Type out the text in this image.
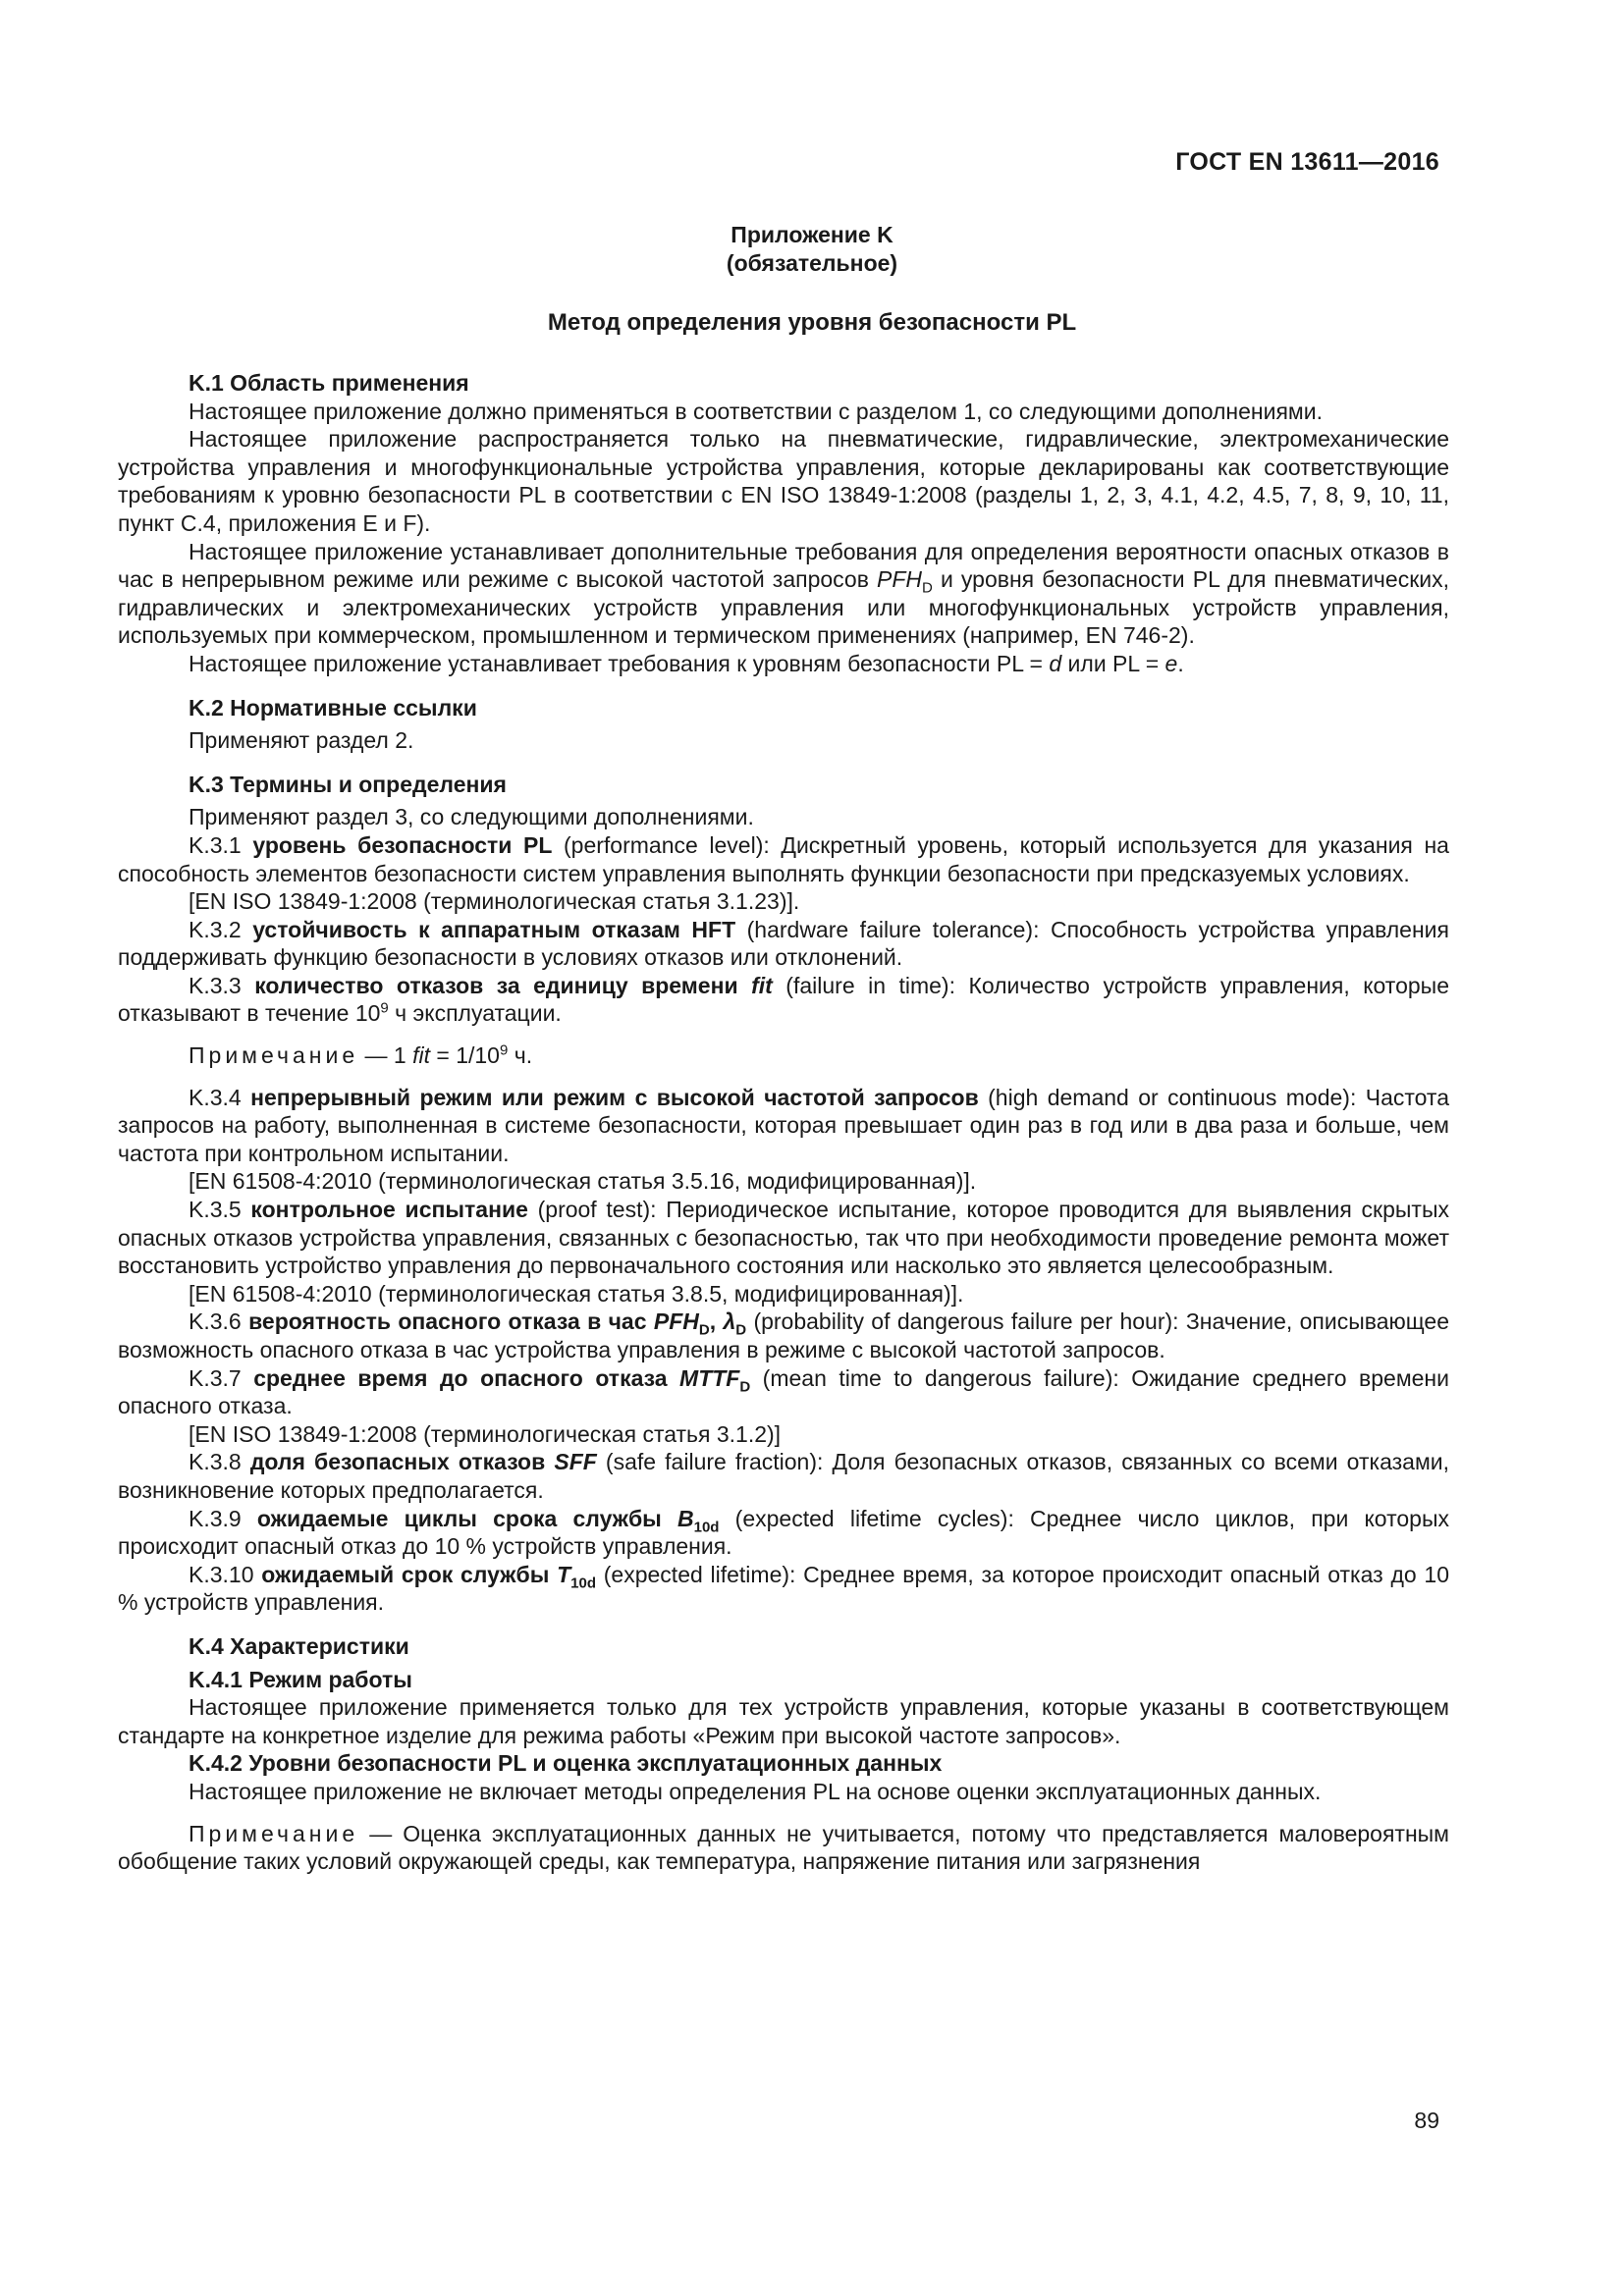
ГОСТ EN 13611—2016
Приложение K
(обязательное)
Метод определения уровня безопасности PL

K.1 Область применения

Настоящее приложение должно применяться в соответствии с разделом 1, со следующими дополнениями.

Настоящее приложение распространяется только на пневматические, гидравлические, электромеханические устройства управления и многофункциональные устройства управления, которые декларированы как соответствующие требованиям к уровню безопасности PL в соответствии с EN ISO 13849-1:2008 (разделы 1, 2, 3, 4.1, 4.2, 4.5, 7, 8, 9, 10, 11, пункт C.4, приложения E и F).

Настоящее приложение устанавливает дополнительные требования для определения вероятности опасных отказов в час в непрерывном режиме или режиме с высокой частотой запросов $PFH_D$ и уровня безопасности PL для пневматических, гидравлических и электромеханических устройств управления или многофункциональных устройств управления, используемых при коммерческом, промышленном и термическом применениях (например, EN 746-2).

Настоящее приложение устанавливает требования к уровням безопасности PL = d или PL = e.

K.2 Нормативные ссылки

Применяют раздел 2.

K.3 Термины и определения

Применяют раздел 3, со следующими дополнениями.

K.3.1 уровень безопасности PL (performance level): Дискретный уровень, который используется для указания на способность элементов безопасности систем управления выполнять функции безопасности при предсказуемых условиях.

[EN ISO 13849-1:2008 (терминологическая статья 3.1.23)].

K.3.2 устойчивость к аппаратным отказам HFT (hardware failure tolerance): Способность устройства управления поддерживать функцию безопасности в условиях отказов или отклонений.

K.3.3 количество отказов за единицу времени fit (failure in time): Количество устройств управления, которые отказывают в течение $10^9$ ч эксплуатации.

Примечание — 1 fit = $1/10^9$ ч.

K.3.4 непрерывный режим или режим с высокой частотой запросов (high demand or continuous mode): Частота запросов на работу, выполненная в системе безопасности, которая превышает один раз в год или в два раза и больше, чем частота при контрольном испытании.

[EN 61508-4:2010 (терминологическая статья 3.5.16, модифицированная)].

K.3.5 контрольное испытание (proof test): Периодическое испытание, которое проводится для выявления скрытых опасных отказов устройства управления, связанных с безопасностью, так что при необходимости проведение ремонта может восстановить устройство управления до первоначального состояния или насколько это является целесообразным.

[EN 61508-4:2010 (терминологическая статья 3.8.5, модифицированная)].

K.3.6 вероятность опасного отказа в час $PFH_D$, $\lambda_D$ (probability of dangerous failure per hour): Значение, описывающее возможность опасного отказа в час устройства управления в режиме с высокой частотой запросов.

K.3.7 среднее время до опасного отказа $MTTF_D$ (mean time to dangerous failure): Ожидание среднего времени опасного отказа.

[EN ISO 13849-1:2008 (терминологическая статья 3.1.2)]

K.3.8 доля безопасных отказов SFF (safe failure fraction): Доля безопасных отказов, связанных со всеми отказами, возникновение которых предполагается.

K.3.9 ожидаемые циклы срока службы $B_{10d}$ (expected lifetime cycles): Среднее число циклов, при которых происходит опасный отказ до 10 % устройств управления.

K.3.10 ожидаемый срок службы $T_{10d}$ (expected lifetime): Среднее время, за которое происходит опасный отказ до 10 % устройств управления.

K.4 Характеристики

K.4.1 Режим работы

Настоящее приложение применяется только для тех устройств управления, которые указаны в соответствующем стандарте на конкретное изделие для режима работы «Режим при высокой частоте запросов».

K.4.2 Уровни безопасности PL и оценка эксплуатационных данных

Настоящее приложение не включает методы определения PL на основе оценки эксплуатационных данных.

Примечание — Оценка эксплуатационных данных не учитывается, потому что представляется маловероятным обобщение таких условий окружающей среды, как температура, напряжение питания или загрязнения

89
